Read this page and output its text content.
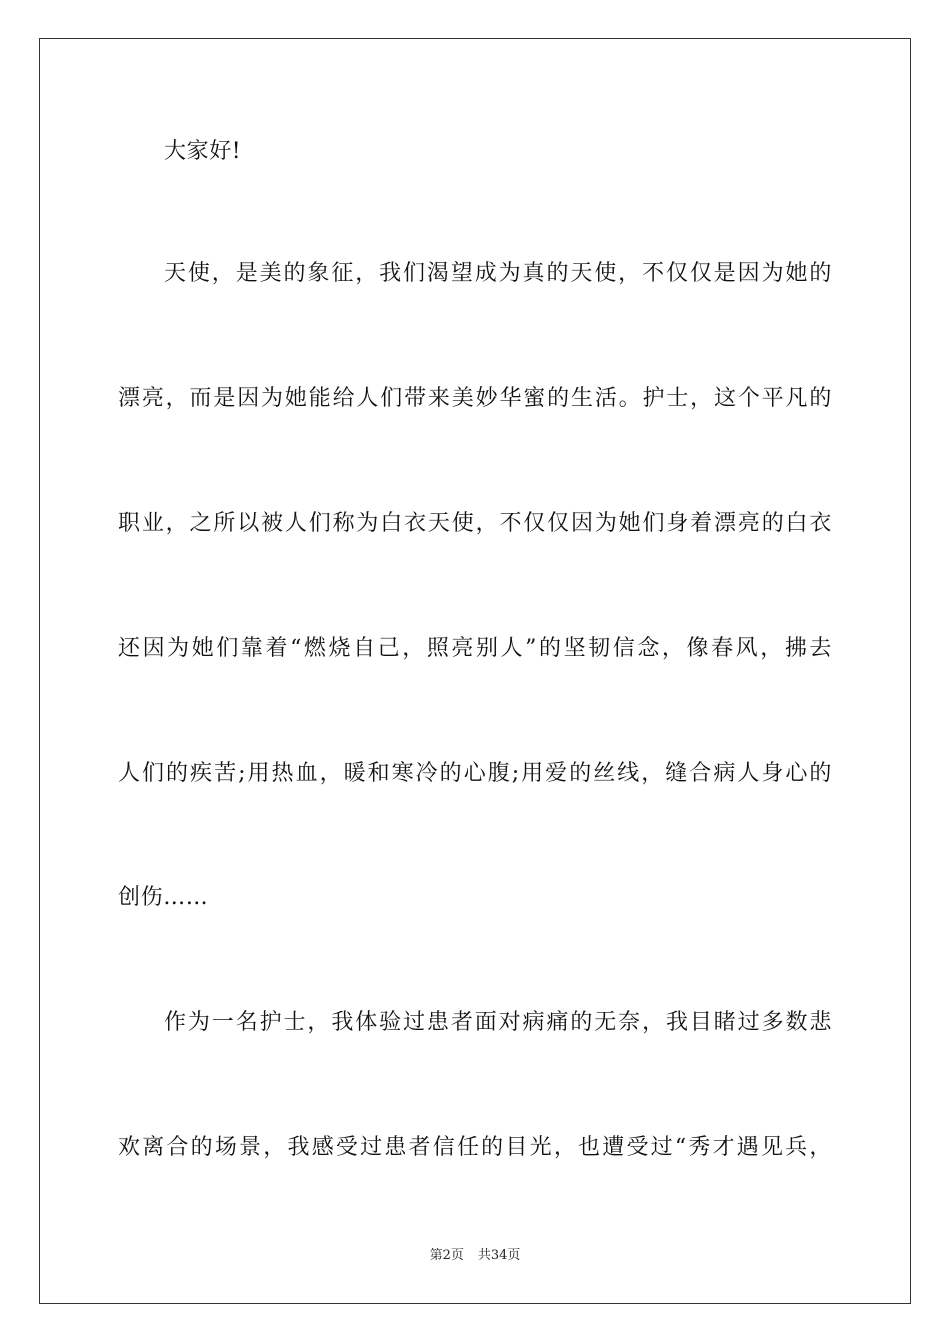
大家好!
天使，是美的象征，我们渴望成为真的天使，不仅仅是因为她的
漂亮，而是因为她能给人们带来美妙华蜜的生活。护士，这个平凡的
职业，之所以被人们称为白衣天使，不仅仅因为她们身着漂亮的白衣
还因为她们靠着“燃烧自己，照亮别人”的坚韧信念，像春风，拂去
人们的疾苦;用热血，暖和寒冷的心腹;用爱的丝线，缝合病人身心的
创伤……
作为一名护士，我体验过患者面对病痛的无奈，我目睹过多数悲
欢离合的场景，我感受过患者信任的目光，也遭受过“秀才遇见兵，
第2页 共34页
